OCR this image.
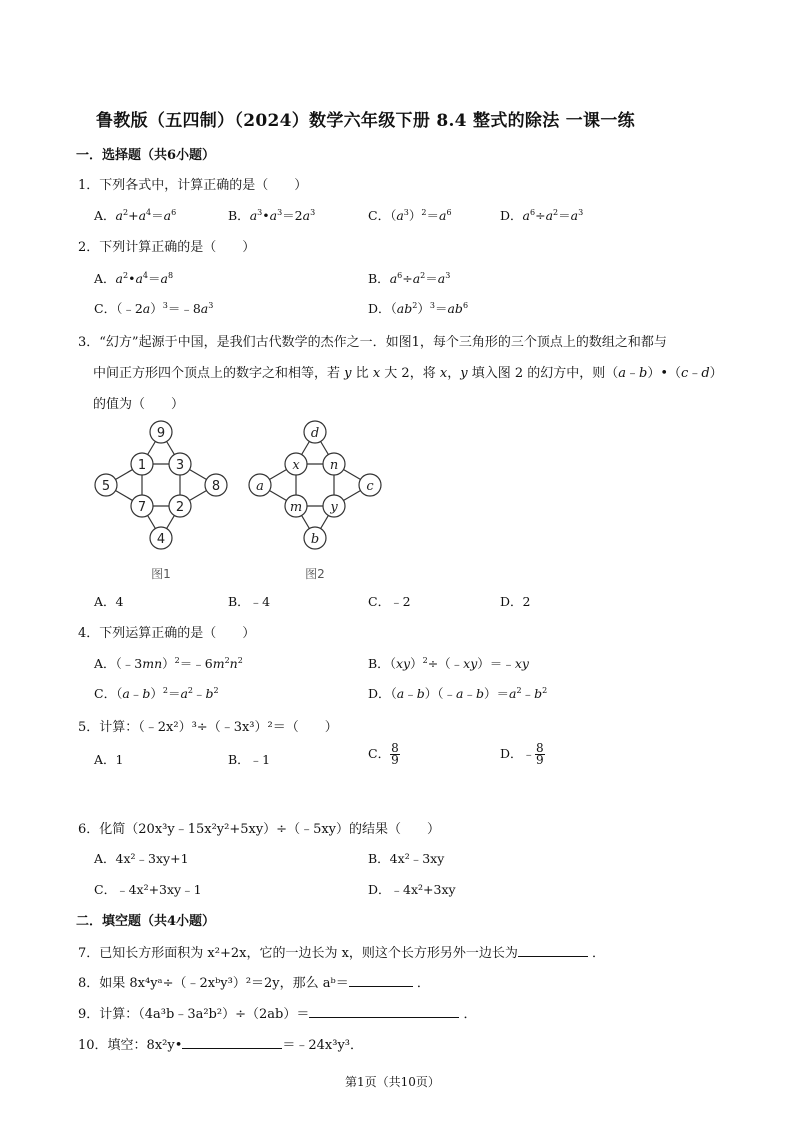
鲁教版（五四制）（2024）数学六年级下册 8.4 整式的除法 一课一练
一．选择题（共6小题）
1．下列各式中，计算正确的是（　　）
A．$a^2+a^4=a^6$	B．$a^3•a^3=2a^3$	C．$(a^3)^2=a^6$	D．$a^6\div a^2=a^3$
2．下列计算正确的是（　　）
A．$a^2•a^4=a^8$	B．$a^6\div a^2=a^3$
C．$(﹣2a)^3=﹣8a^3$	D．$(ab^2)^3=ab^6$
3．“幻方”起源于中国，是我们古代数学的杰作之一．如图1，每个三角形的三个顶点上的数组之和都与
中间正方形四个顶点上的数字之和相等，若 y 比 x 大 2，将 x，y 填入图 2 的幻方中，则（a﹣b）•（c﹣d）
的值为（　　）
9
5	8
4
1 3
7 2
图1
d
a	c
b
x n
m y
图2
A．4	B．﹣4	C．﹣2	D．2
4．下列运算正确的是（　　）
A．$(﹣3mn)^2=﹣6m^2n^2$	B．（xy）$^2$÷（﹣xy）＝﹣xy
C．$(a﹣b)^2=a^2﹣b^2$	D．$(a﹣b)(﹣a﹣b)=a^2﹣b^2$
5．计算：（﹣2x²）³÷（﹣3x³）²＝（　　）
A．1	B．﹣1	C． $\frac{8}{9}$	D．﹣ $\frac{8}{9}$
6．化简（20x³y﹣15x²y²+5xy）÷（﹣5xy）的结果（　　）
A．4x²﹣3xy+1	B．4x²﹣3xy
C．﹣4x²+3xy﹣1	D．﹣4x²+3xy
二．填空题（共4小题）
7．已知长方形面积为 x²+2x，它的一边长为 x，则这个长方形另外一边长为	．
8．如果 8x⁴yᵃ÷（﹣2xᵇy³）²＝2y，那么 aᵇ＝	．
9．计算：（4a³b﹣3a²b²）÷（2ab）＝	．
10．填空：8x²y•	＝﹣24x³y³．
第1页（共10页）
